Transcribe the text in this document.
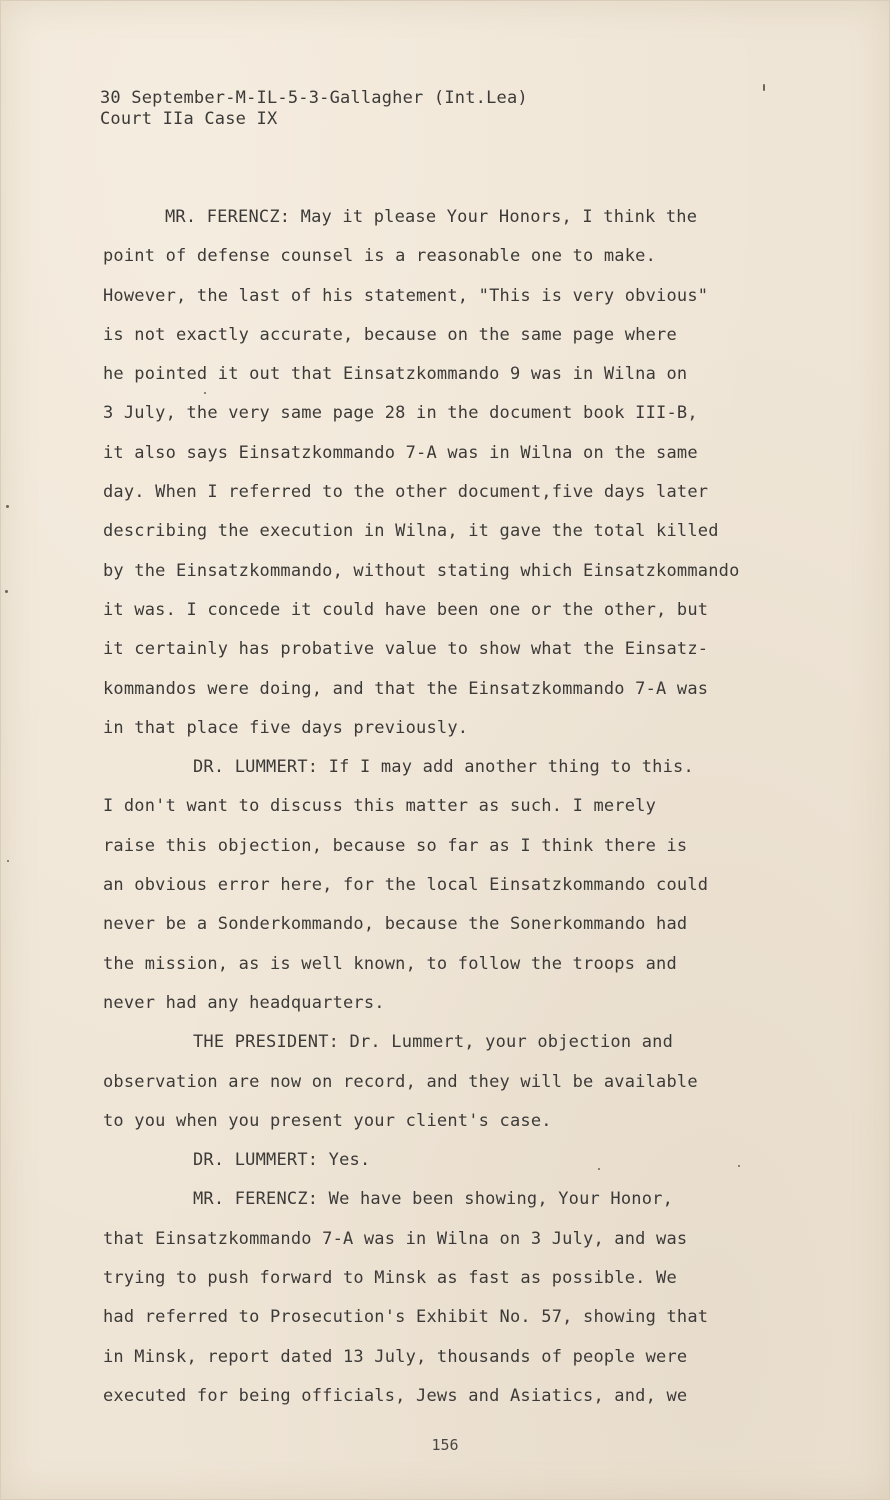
30 September-M-IL-5-3-Gallagher (Int.Lea)
Court IIa Case IX
MR. FERENCZ: May it please Your Honors, I think the
point of defense counsel is a reasonable one to make.
However, the last of his statement, "This is very obvious"
is not exactly accurate, because on the same page where
he pointed it out that Einsatzkommando 9 was in Wilna on
3 July, the very same page 28 in the document book III-B,
it also says Einsatzkommando 7-A was in Wilna on the same
day. When I referred to the other document,five days later
describing the execution in Wilna, it gave the total killed
by the Einsatzkommando, without stating which Einsatzkommando
it was. I concede it could have been one or the other, but
it certainly has probative value to show what the Einsatz-
kommandos were doing, and that the Einsatzkommando 7-A was
in that place five days previously.
DR. LUMMERT: If I may add another thing to this.
I don't want to discuss this matter as such. I merely
raise this objection, because so far as I think there is
an obvious error here, for the local Einsatzkommando could
never be a Sonderkommando, because the Sonerkommando had
the mission, as is well known, to follow the troops and
never had any headquarters.
THE PRESIDENT: Dr. Lummert, your objection and
observation are now on record, and they will be available
to you when you present your client's case.
DR. LUMMERT: Yes.
MR. FERENCZ: We have been showing, Your Honor,
that Einsatzkommando 7-A was in Wilna on 3 July, and was
trying to push forward to Minsk as fast as possible. We
had referred to Prosecution's Exhibit No. 57, showing that
in Minsk, report dated 13 July, thousands of people were
executed for being officials, Jews and Asiatics, and, we
156
